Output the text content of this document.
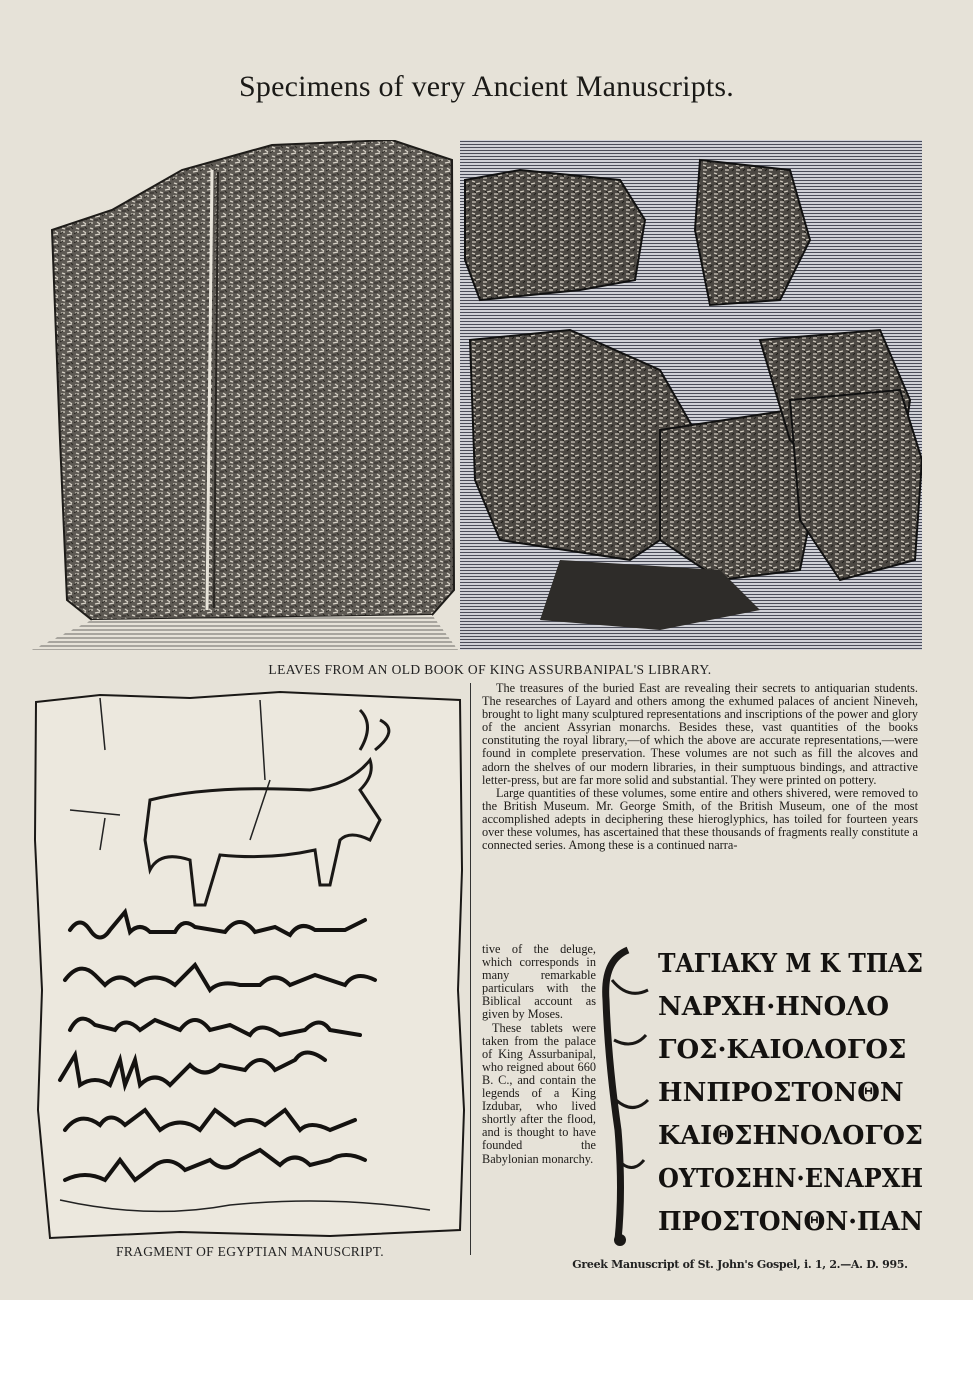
Specimens of very Ancient Manuscripts.
LEAVES FROM AN OLD BOOK OF KING ASSURBANIPAL'S LIBRARY.
FRAGMENT OF EGYPTIAN MANUSCRIPT.

The treasures of the buried East are revealing their secrets to antiquarian students. The researches of Layard and others among the exhumed palaces of ancient Nineveh, brought to light many sculptured representations and inscriptions of the power and glory of the ancient Assyrian monarchs. Besides these, vast quantities of the books constituting the royal library,—of which the above are accurate representations,—were found in complete preservation. These volumes are not such as fill the alcoves and adorn the shelves of our modern libraries, in their sumptuous bindings, and attractive letter-press, but are far more solid and substantial. They were printed on pottery.

Large quantities of these volumes, some entire and others shivered, were removed to the British Museum. Mr. George Smith, of the British Museum, one of the most accomplished adepts in deciphering these hieroglyphics, has toiled for fourteen years over these volumes, has ascertained that these thousands of fragments really constitute a connected series. Among these is a continued narra-

tive of the deluge, which corresponds in many remarkable particulars with the Biblical account as given by Moses.

These tablets were taken from the palace of King Assurbanipal, who reigned about 660 B. C., and contain the legends of a King Izdubar, who lived shortly after the flood, and is thought to have founded the Babylonian monarchy.

ΤΑΓΙΑΚΥ Μ Κ ΤΠΑΣ
ΝΑΡΧΗ·ΗΝΟΛΟ
ΓΟΣ·ΚΑΙΟΛΟΓΟΣ
ΗΝΠΡΟΣΤΟΝΘΝ
ΚΑΙΘΣΗΝΟΛΟΓΟΣ
ΟΥΤΟΣΗΝ·ΕΝΑΡΧΗ
ΠΡΟΣΤΟΝΘΝ·ΠΑΝ
Greek Manuscript of St. John's Gospel, i. 1, 2.—A. D. 995.
